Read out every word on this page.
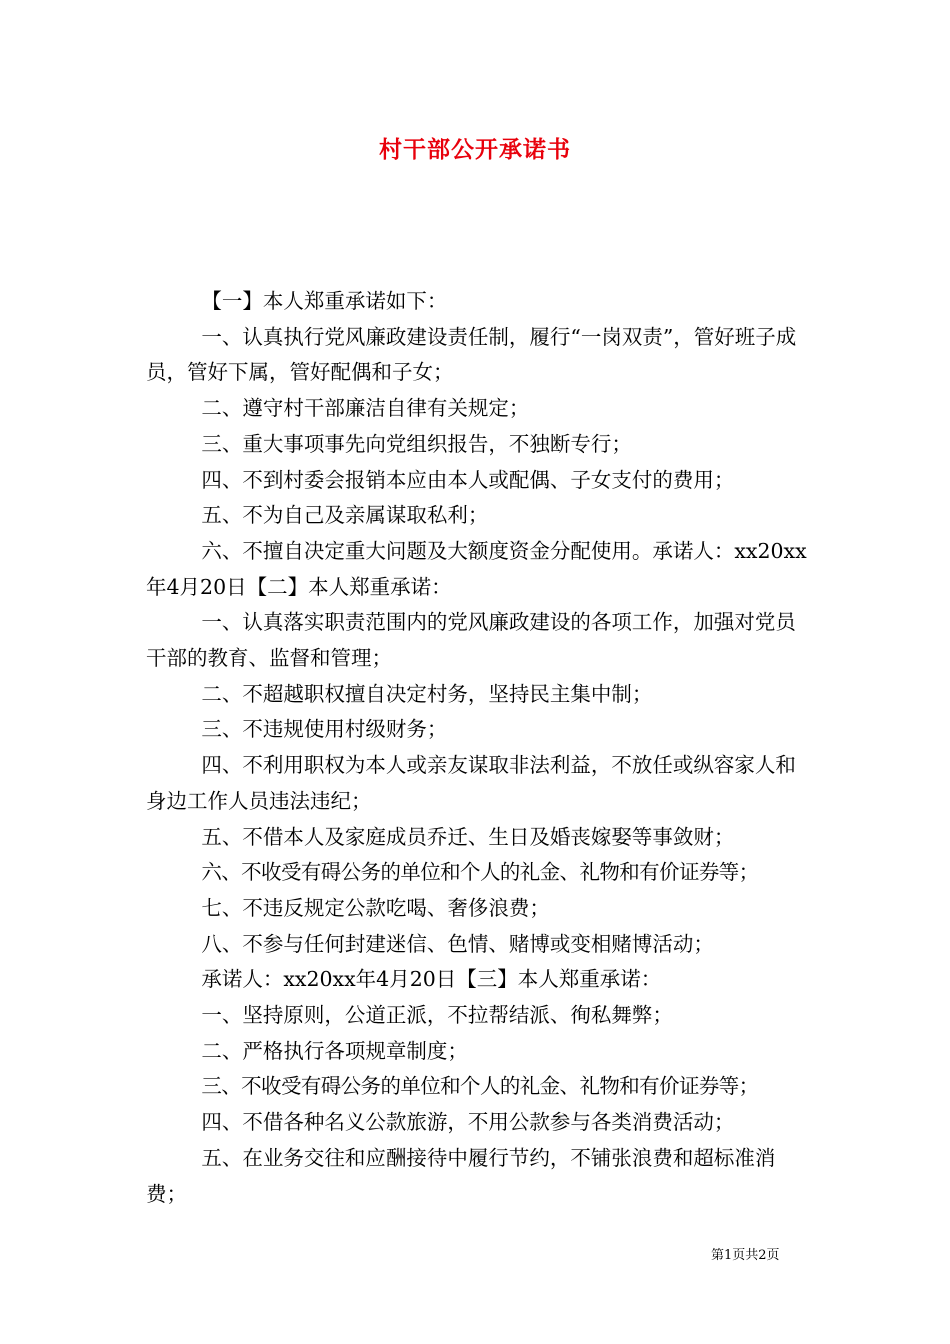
村干部公开承诺书

【一】本人郑重承诺如下：

一、认真执行党风廉政建设责任制，履行“一岗双责”，管好班子成员，管好下属，管好配偶和子女；

二、遵守村干部廉洁自律有关规定；

三、重大事项事先向党组织报告，不独断专行；

四、不到村委会报销本应由本人或配偶、子女支付的费用；

五、不为自己及亲属谋取私利；

六、不擅自决定重大问题及大额度资金分配使用。承诺人：xx20xx年4月20日【二】本人郑重承诺：

一、认真落实职责范围内的党风廉政建设的各项工作，加强对党员干部的教育、监督和管理；

二、不超越职权擅自决定村务，坚持民主集中制；

三、不违规使用村级财务；

四、不利用职权为本人或亲友谋取非法利益，不放任或纵容家人和身边工作人员违法违纪；

五、不借本人及家庭成员乔迁、生日及婚丧嫁娶等事敛财；

六、不收受有碍公务的单位和个人的礼金、礼物和有价证券等；

七、不违反规定公款吃喝、奢侈浪费；

八、不参与任何封建迷信、色情、赌博或变相赌博活动；

承诺人：xx20xx年4月20日【三】本人郑重承诺：

一、坚持原则，公道正派，不拉帮结派、徇私舞弊；

二、严格执行各项规章制度；

三、不收受有碍公务的单位和个人的礼金、礼物和有价证券等；

四、不借各种名义公款旅游，不用公款参与各类消费活动；

五、在业务交往和应酬接待中履行节约，不铺张浪费和超标准消费；

第1页共2页
